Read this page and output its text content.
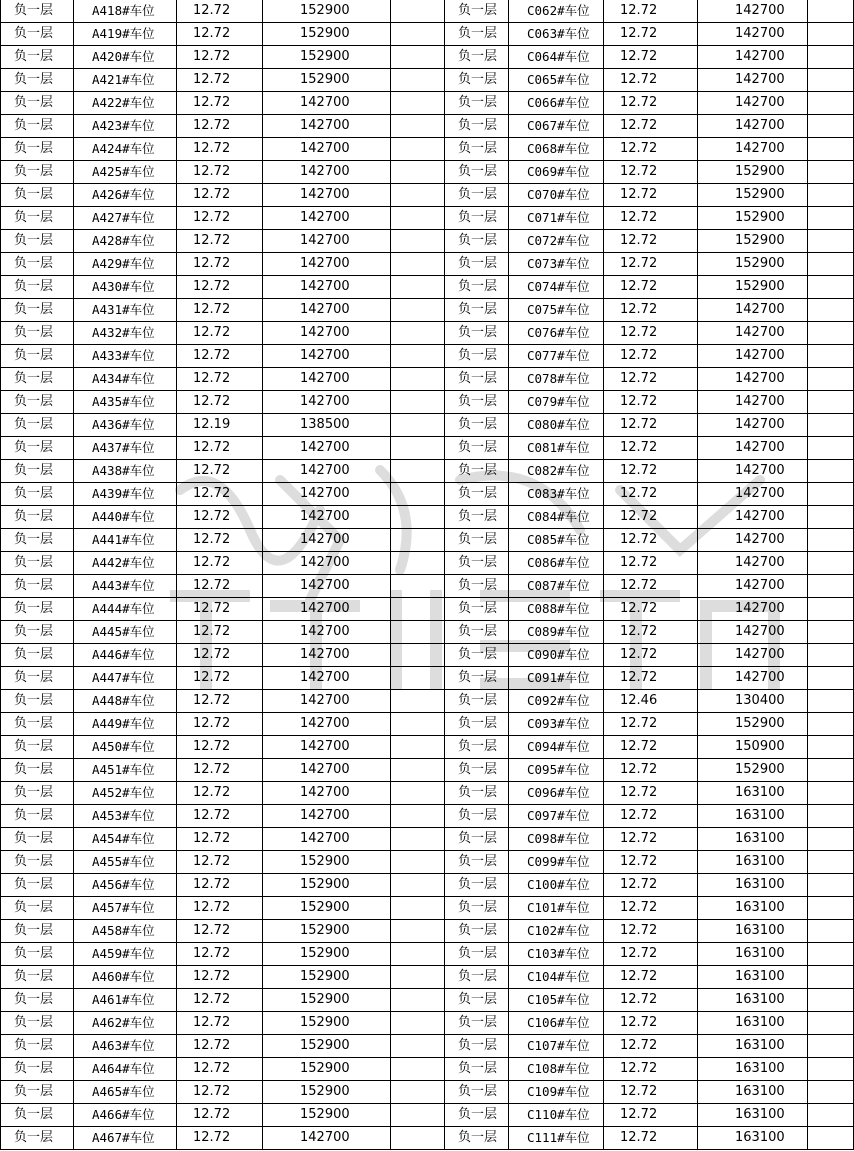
负一层	A418#车位	12.72	152900		负一层	C062#车位	12.72	142700	
负一层	A419#车位	12.72	152900		负一层	C063#车位	12.72	142700	
负一层	A420#车位	12.72	152900		负一层	C064#车位	12.72	142700	
负一层	A421#车位	12.72	152900		负一层	C065#车位	12.72	142700	
负一层	A422#车位	12.72	142700		负一层	C066#车位	12.72	142700	
负一层	A423#车位	12.72	142700		负一层	C067#车位	12.72	142700	
负一层	A424#车位	12.72	142700		负一层	C068#车位	12.72	142700	
负一层	A425#车位	12.72	142700		负一层	C069#车位	12.72	152900	
负一层	A426#车位	12.72	142700		负一层	C070#车位	12.72	152900	
负一层	A427#车位	12.72	142700		负一层	C071#车位	12.72	152900	
负一层	A428#车位	12.72	142700		负一层	C072#车位	12.72	152900	
负一层	A429#车位	12.72	142700		负一层	C073#车位	12.72	152900	
负一层	A430#车位	12.72	142700		负一层	C074#车位	12.72	152900	
负一层	A431#车位	12.72	142700		负一层	C075#车位	12.72	142700	
负一层	A432#车位	12.72	142700		负一层	C076#车位	12.72	142700	
负一层	A433#车位	12.72	142700		负一层	C077#车位	12.72	142700	
负一层	A434#车位	12.72	142700		负一层	C078#车位	12.72	142700	
负一层	A435#车位	12.72	142700		负一层	C079#车位	12.72	142700	
负一层	A436#车位	12.19	138500		负一层	C080#车位	12.72	142700	
负一层	A437#车位	12.72	142700		负一层	C081#车位	12.72	142700	
负一层	A438#车位	12.72	142700		负一层	C082#车位	12.72	142700	
负一层	A439#车位	12.72	142700		负一层	C083#车位	12.72	142700	
负一层	A440#车位	12.72	142700		负一层	C084#车位	12.72	142700	
负一层	A441#车位	12.72	142700		负一层	C085#车位	12.72	142700	
负一层	A442#车位	12.72	142700		负一层	C086#车位	12.72	142700	
负一层	A443#车位	12.72	142700		负一层	C087#车位	12.72	142700	
负一层	A444#车位	12.72	142700		负一层	C088#车位	12.72	142700	
负一层	A445#车位	12.72	142700		负一层	C089#车位	12.72	142700	
负一层	A446#车位	12.72	142700		负一层	C090#车位	12.72	142700	
负一层	A447#车位	12.72	142700		负一层	C091#车位	12.72	142700	
负一层	A448#车位	12.72	142700		负一层	C092#车位	12.46	130400	
负一层	A449#车位	12.72	142700		负一层	C093#车位	12.72	152900	
负一层	A450#车位	12.72	142700		负一层	C094#车位	12.72	150900	
负一层	A451#车位	12.72	142700		负一层	C095#车位	12.72	152900	
负一层	A452#车位	12.72	142700		负一层	C096#车位	12.72	163100	
负一层	A453#车位	12.72	142700		负一层	C097#车位	12.72	163100	
负一层	A454#车位	12.72	142700		负一层	C098#车位	12.72	163100	
负一层	A455#车位	12.72	152900		负一层	C099#车位	12.72	163100	
负一层	A456#车位	12.72	152900		负一层	C100#车位	12.72	163100	
负一层	A457#车位	12.72	152900		负一层	C101#车位	12.72	163100	
负一层	A458#车位	12.72	152900		负一层	C102#车位	12.72	163100	
负一层	A459#车位	12.72	152900		负一层	C103#车位	12.72	163100	
负一层	A460#车位	12.72	152900		负一层	C104#车位	12.72	163100	
负一层	A461#车位	12.72	152900		负一层	C105#车位	12.72	163100	
负一层	A462#车位	12.72	152900		负一层	C106#车位	12.72	163100	
负一层	A463#车位	12.72	152900		负一层	C107#车位	12.72	163100	
负一层	A464#车位	12.72	152900		负一层	C108#车位	12.72	163100	
负一层	A465#车位	12.72	152900		负一层	C109#车位	12.72	163100	
负一层	A466#车位	12.72	152900		负一层	C110#车位	12.72	163100	
负一层	A467#车位	12.72	142700		负一层	C111#车位	12.72	163100	
